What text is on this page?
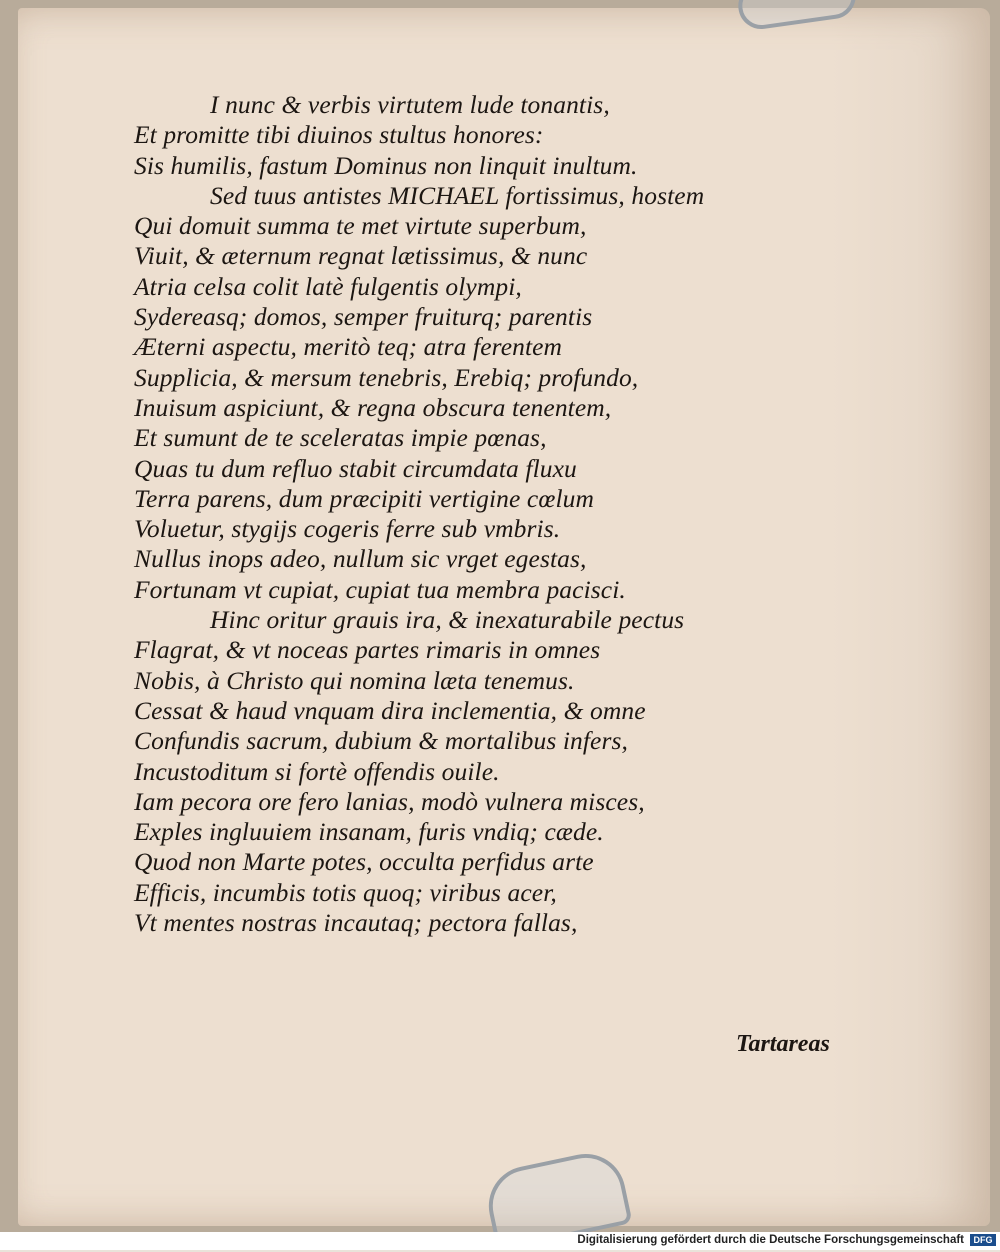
I nunc & verbis virtutem lude tonantis,
Et promitte tibi diuinos stultus honores:
Sis humilis, fastum Dominus non linquit inultum.
Sed tuus antistes MICHAEL fortissimus, hostem
Qui domuit summa te met virtute superbum,
Viuit, & æternum regnat lætissimus, & nunc
Atria celsa colit latè fulgentis olympi,
Sydereasq; domos, semper fruiturq; parentis
Æterni aspectu, meritò teq; atra ferentem
Supplicia, & mersum tenebris, Erebiq; profundo,
Inuisum aspiciunt, & regna obscura tenentem,
Et sumunt de te sceleratas impie pœnas,
Quas tu dum refluo stabit circumdata fluxu
Terra parens, dum præcipiti vertigine cœlum
Voluetur, stygijs cogeris ferre sub vmbris.
Nullus inops adeo, nullum sic vrget egestas,
Fortunam vt cupiat, cupiat tua membra pacisci.
Hinc oritur grauis ira, & inexaturabile pectus
Flagrat, & vt noceas partes rimaris in omnes
Nobis, à Christo qui nomina læta tenemus.
Cessat & haud vnquam dira inclementia, & omne
Confundis sacrum, dubium & mortalibus infers,
Incustoditum si fortè offendis ouile.
Iam pecora ore fero lanias, modò vulnera misces,
Exples ingluuiem insanam, furis vndiq; cæde.
Quod non Marte potes, occulta perfidus arte
Efficis, incumbis totis quoq; viribus acer,
Vt mentes nostras incautaq; pectora fallas,
Tartareas
Digitalisierung gefördert durch die Deutsche Forschungsgemeinschaft	DFG
